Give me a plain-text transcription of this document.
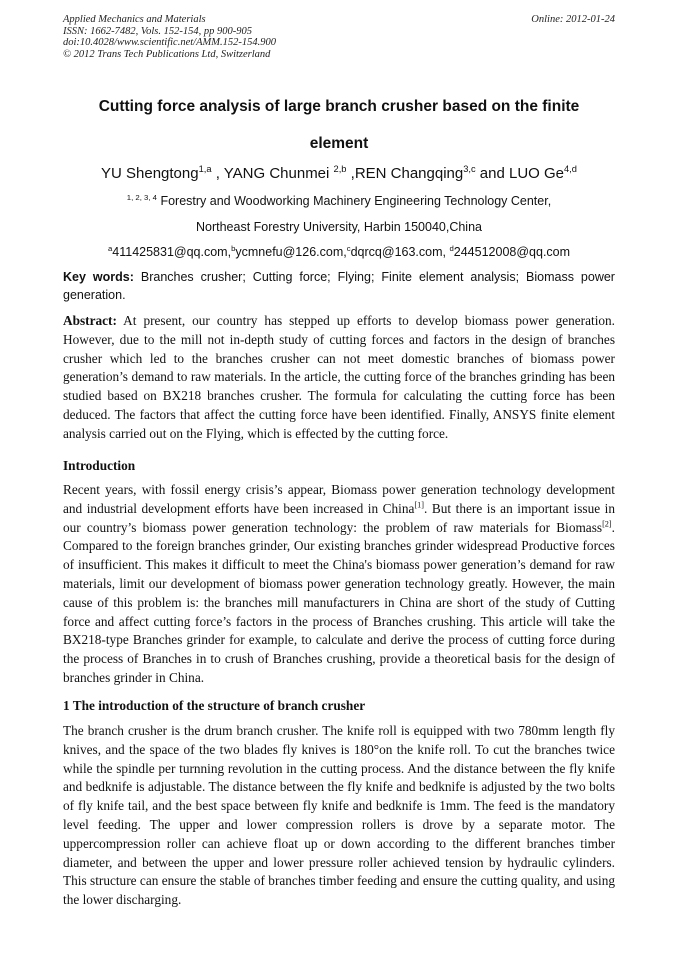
Applied Mechanics and Materials
ISSN: 1662-7482, Vols. 152-154, pp 900-905
doi:10.4028/www.scientific.net/AMM.152-154.900
© 2012 Trans Tech Publications Ltd, Switzerland
Online: 2012-01-24
Cutting force analysis of large branch crusher based on the finite
element
YU Shengtong$^{1,a}$ , YANG Chunmei $^{2,b}$ ,REN Changqing$^{3,c}$ and LUO Ge$^{4,d}$
$^{1, 2, 3, 4}$ Forestry and Woodworking Machinery Engineering Technology Center,
Northeast Forestry University, Harbin 150040,China
$^a$411425831@qq.com,$^b$ycmnefu@126.com,$^c$dqrcq@163.com, $^d$244512008@qq.com
Key words: Branches crusher; Cutting force; Flying; Finite element analysis; Biomass power generation.
Abstract: At present, our country has stepped up efforts to develop biomass power generation. However, due to the mill not in-depth study of cutting forces and factors in the design of branches crusher which led to the branches crusher can not meet domestic branches of biomass power generation’s demand to raw materials. In the article, the cutting force of the branches grinding has been studied based on BX218 branches crusher. The formula for calculating the cutting force has been deduced. The factors that affect the cutting force have been identified. Finally, ANSYS finite element analysis carried out on the Flying, which is effected by the cutting force.
Introduction
Recent years, with fossil energy crisis’s appear, Biomass power generation technology development and industrial development efforts have been increased in China[1]. But there is an important issue in our country’s biomass power generation technology: the problem of raw materials for Biomass[2]. Compared to the foreign branches grinder, Our existing branches grinder widespread Productive forces of insufficient. This makes it difficult to meet the China's biomass power generation’s demand for raw materials, limit our development of biomass power generation technology greatly. However, the main cause of this problem is: the branches mill manufacturers in China are short of the study of Cutting force and affect cutting force’s factors in the process of Branches crushing. This article will take the BX218-type Branches grinder for example, to calculate and derive the process of cutting force during the process of Branches in to crush of Branches crushing, provide a theoretical basis for the design of branches grinder in China.
1 The introduction of the structure of branch crusher
The branch crusher is the drum branch crusher. The knife roll is equipped with two 780mm length fly knives, and the space of the two blades fly knives is 180°on the knife roll. To cut the branches twice while the spindle per turnning revolution in the cutting process. And the distance between the fly knife and bedknife is adjustable. The distance between the fly knife and bedknife is adjusted by the two bolts of fly knife tail, and the best space between fly knife and bedknife is 1mm. The feed is the mandatory level feeding. The upper and lower compression rollers is drove by a separate motor. The uppercompression roller can achieve float up or down according to the different branches timber diameter, and between the upper and lower pressure roller achieved tension by hydraulic cylinders. This structure can ensure the stable of branches timber feeding and ensure the cutting quality, and using the lower discharging.
